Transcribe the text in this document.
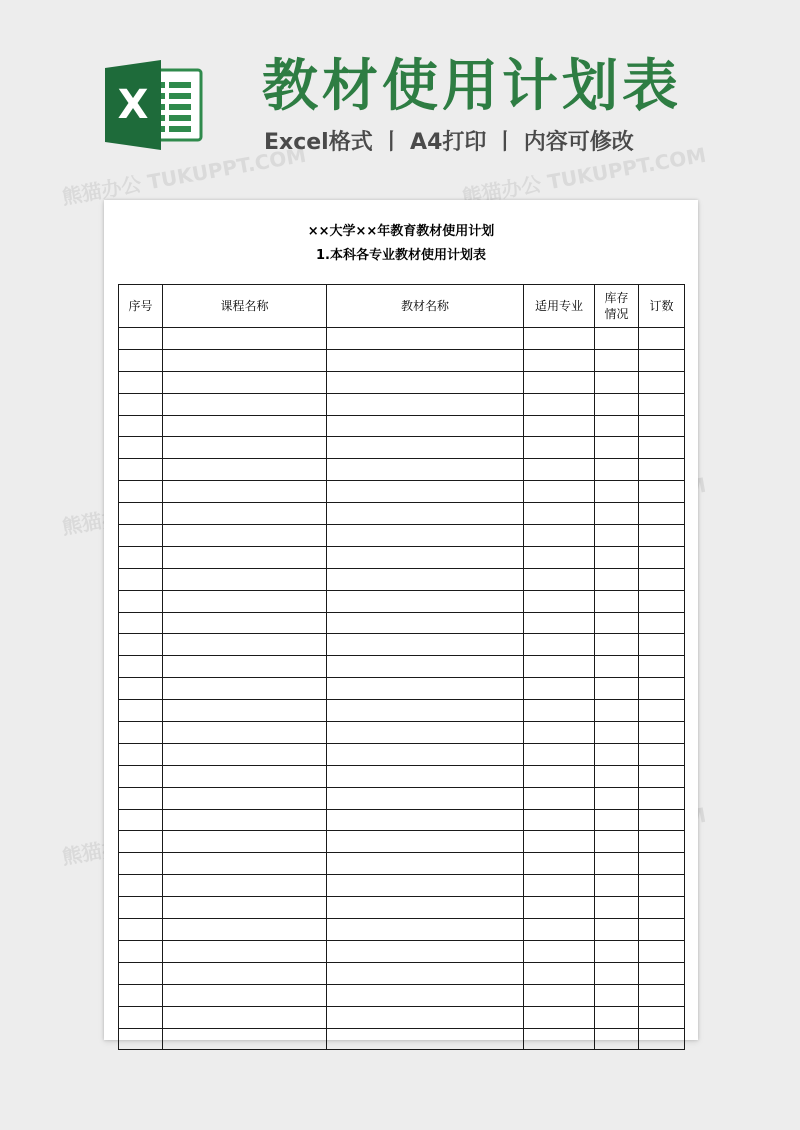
X 教材使用计划表
Excel格式 丨 A4打印 丨 内容可修改
熊猫办公 TUKUPPT.COM	熊猫办公 TUKUPPT.COM
熊猫办公
熊猫办公
××大学××年教育教材使用计划
1.本科各专业教材使用计划表
序号	课程名称	教材名称	适用专业	库存情况	订数
